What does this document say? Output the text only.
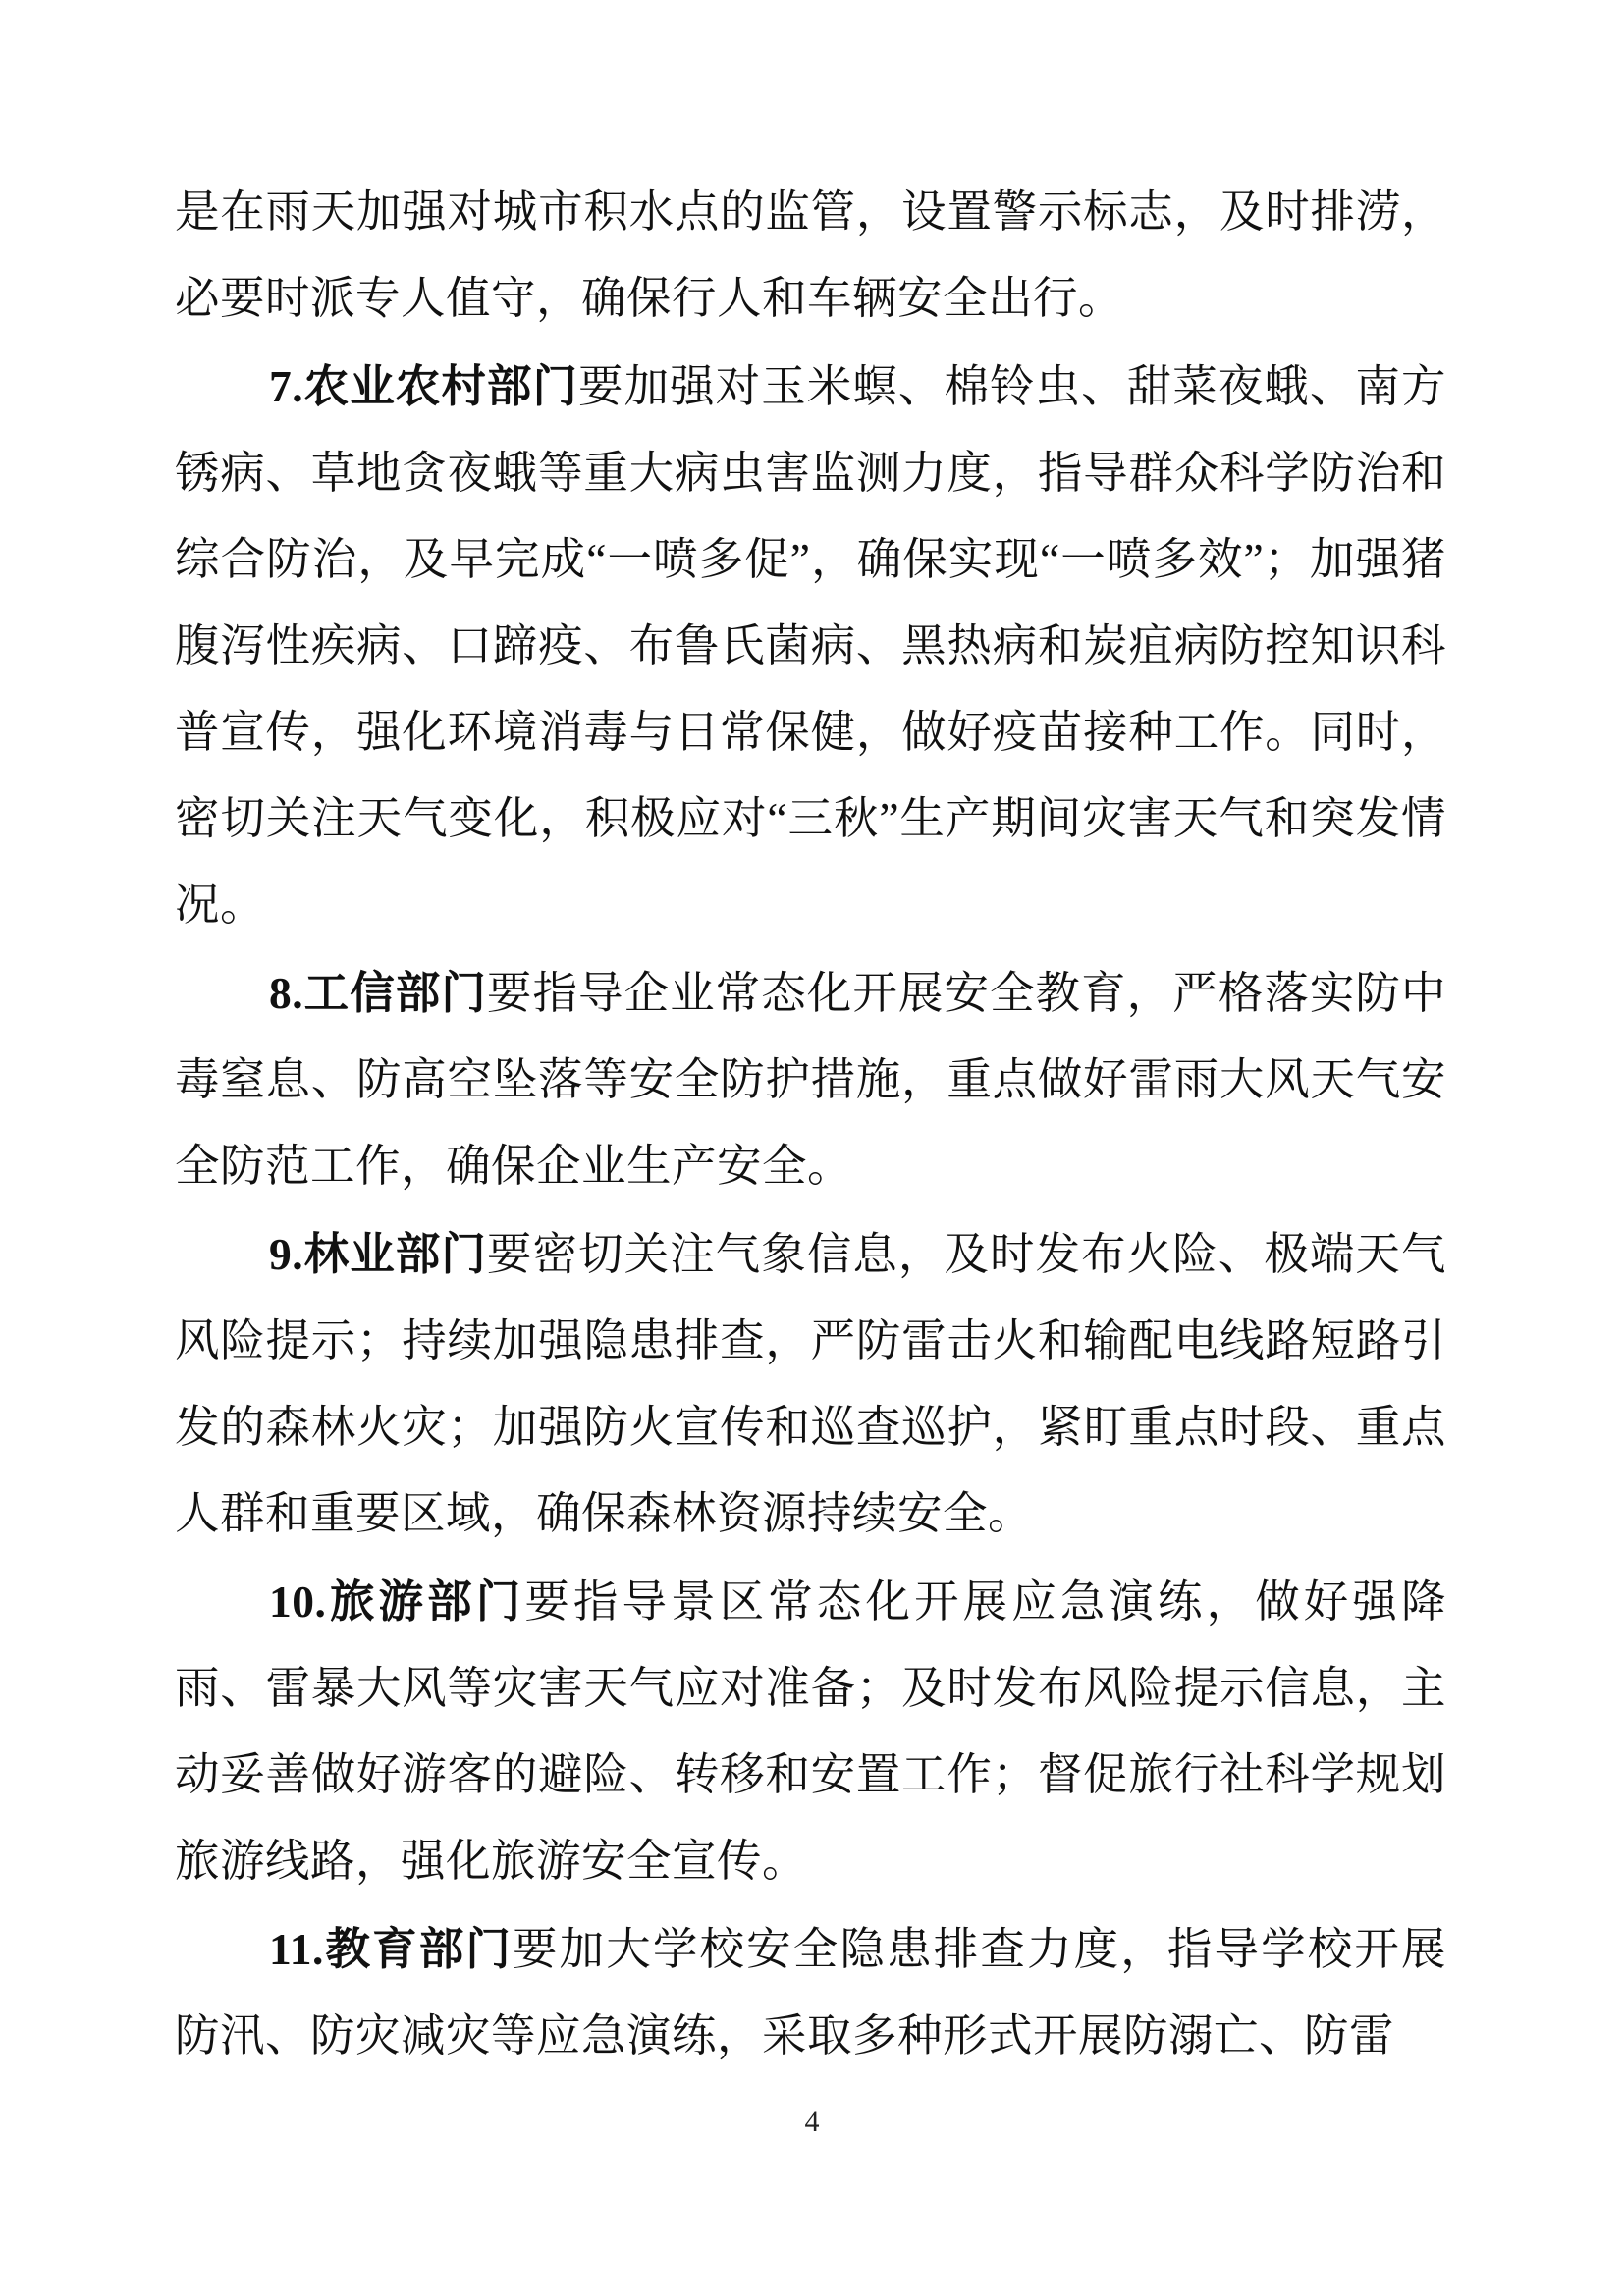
是在雨天加强对城市积水点的监管，设置警示标志，及时排涝，必要时派专人值守，确保行人和车辆安全出行。

7.农业农村部门要加强对玉米螟、棉铃虫、甜菜夜蛾、南方锈病、草地贪夜蛾等重大病虫害监测力度，指导群众科学防治和综合防治，及早完成“一喷多促”，确保实现“一喷多效”；加强猪腹泻性疾病、口蹄疫、布鲁氏菌病、黑热病和炭疽病防控知识科普宣传，强化环境消毒与日常保健，做好疫苗接种工作。同时，密切关注天气变化，积极应对“三秋”生产期间灾害天气和突发情况。

8.工信部门要指导企业常态化开展安全教育，严格落实防中毒窒息、防高空坠落等安全防护措施，重点做好雷雨大风天气安全防范工作，确保企业生产安全。

9.林业部门要密切关注气象信息，及时发布火险、极端天气风险提示；持续加强隐患排查，严防雷击火和输配电线路短路引发的森林火灾；加强防火宣传和巡查巡护，紧盯重点时段、重点人群和重要区域，确保森林资源持续安全。

10.旅游部门要指导景区常态化开展应急演练，做好强降雨、雷暴大风等灾害天气应对准备；及时发布风险提示信息，主动妥善做好游客的避险、转移和安置工作；督促旅行社科学规划旅游线路，强化旅游安全宣传。

11.教育部门要加大学校安全隐患排查力度，指导学校开展防汛、防灾减灾等应急演练，采取多种形式开展防溺亡、防雷

4
